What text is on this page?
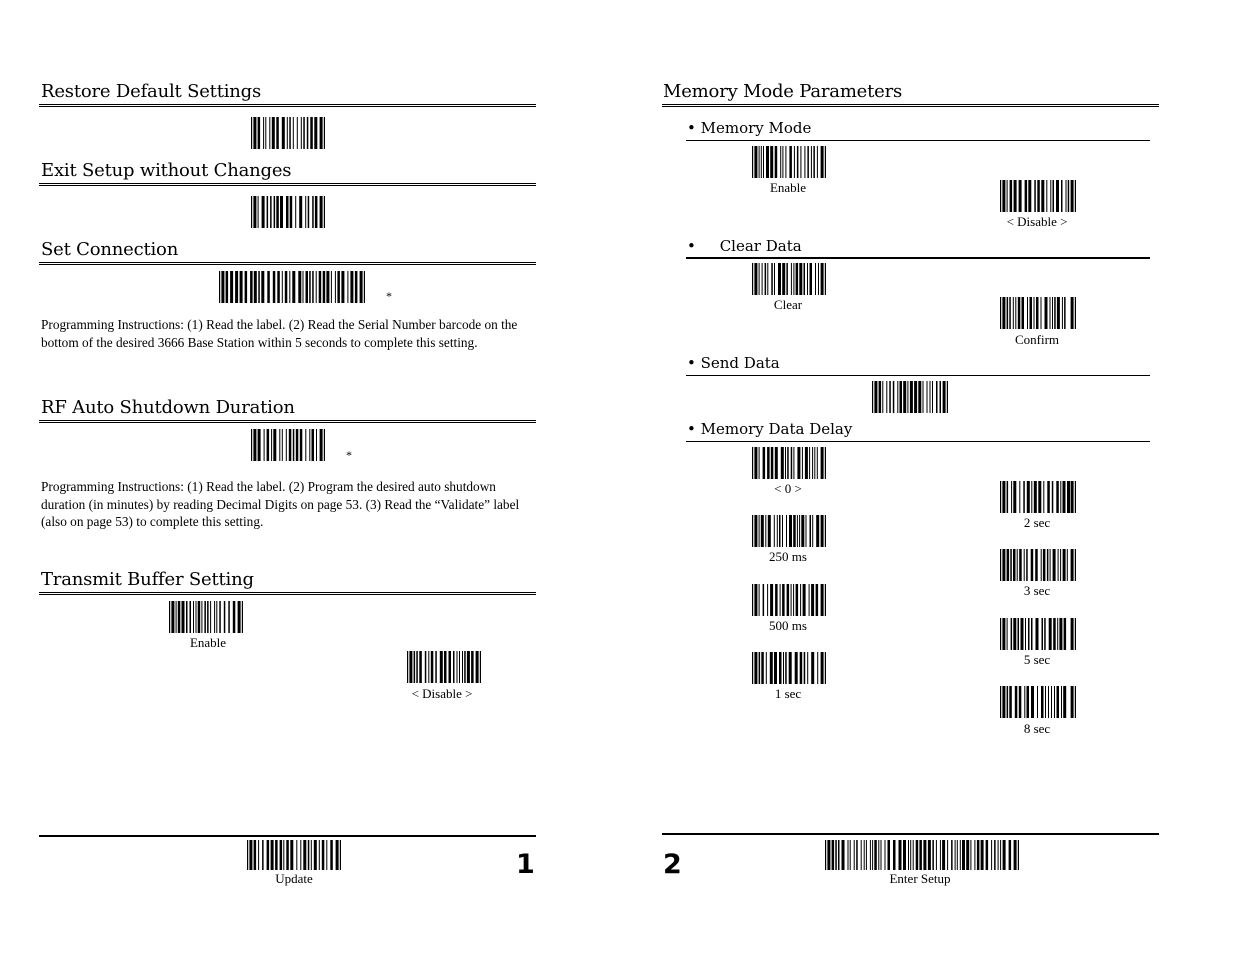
Restore Default Settings
Exit Setup without Changes
Set Connection
*
Programming Instructions: (1) Read the label. (2) Read the Serial Number barcode on the bottom of the desired 3666 Base Station within 5 seconds to complete this setting.
RF Auto Shutdown Duration
*
Programming Instructions: (1) Read the label. (2) Program the desired auto shutdown duration (in minutes) by reading Decimal Digits on page 53. (3) Read the “Validate” label (also on page 53) to complete this setting.
Transmit Buffer Setting
Enable
< Disable >
Update	1
Memory Mode Parameters
• Memory Mode
Enable
< Disable >
•     Clear Data
Clear
Confirm
• Send Data
• Memory Data Delay
< 0 >
250 ms
500 ms
1 sec
2 sec
3 sec
5 sec
8 sec
Enter Setup
2
